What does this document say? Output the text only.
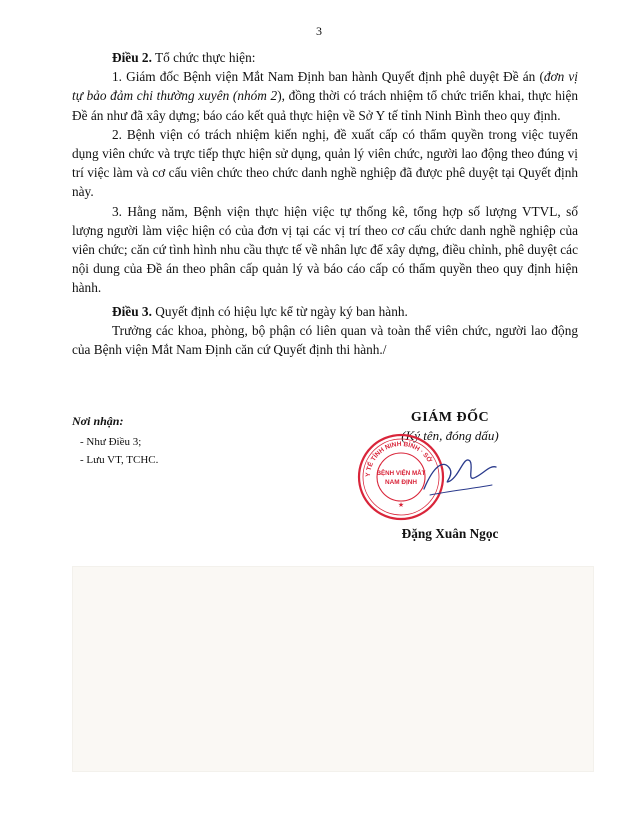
3

Điều 2. Tổ chức thực hiện:

1. Giám đốc Bệnh viện Mắt Nam Định ban hành Quyết định phê duyệt Đề án (đơn vị tự bảo đảm chi thường xuyên (nhóm 2), đồng thời có trách nhiệm tổ chức triển khai, thực hiện Đề án như đã xây dựng; báo cáo kết quả thực hiện về Sở Y tế tỉnh Ninh Bình theo quy định.

2. Bệnh viện có trách nhiệm kiến nghị, đề xuất cấp có thẩm quyền trong việc tuyển dụng viên chức và trực tiếp thực hiện sử dụng, quản lý viên chức, người lao động theo đúng vị trí việc làm và cơ cấu viên chức theo chức danh nghề nghiệp đã được phê duyệt tại Quyết định này.

3. Hằng năm, Bệnh viện thực hiện việc tự thống kê, tổng hợp số lượng VTVL, số lượng người làm việc hiện có của đơn vị tại các vị trí theo cơ cấu chức danh nghề nghiệp của viên chức; căn cứ tình hình nhu cầu thực tế về nhân lực để xây dựng, điều chỉnh, phê duyệt các nội dung của Đề án theo phân cấp quản lý và báo cáo cấp có thẩm quyền theo quy định hiện hành.

Điều 3. Quyết định có hiệu lực kể từ ngày ký ban hành.

Trưởng các khoa, phòng, bộ phận có liên quan và toàn thể viên chức, người lao động của Bệnh viện Mắt Nam Định căn cứ Quyết định thi hành./

Nơi nhận:
- Như Điều 3;
- Lưu VT, TCHC.
GIÁM ĐỐC
(Ký tên, đóng dấu)
Y TẾ TỈNH NINH BÌNH · SỞ
BỆNH VIỆN MẮT
NAM ĐỊNH
★
Đặng Xuân Ngọc
